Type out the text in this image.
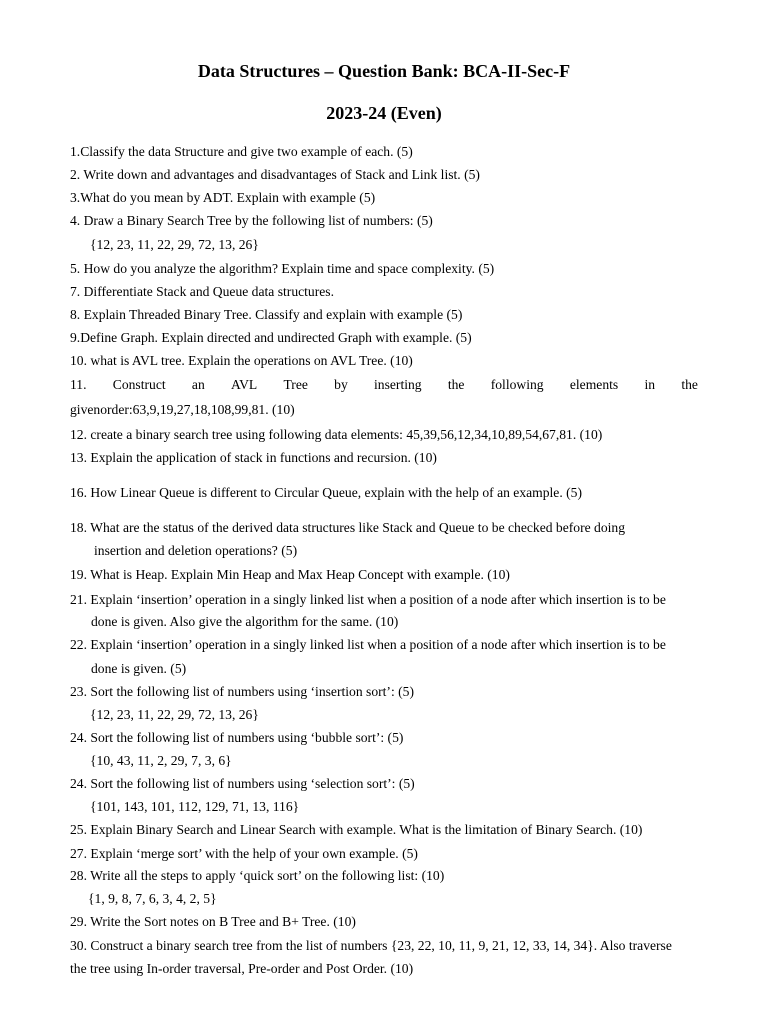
Data Structures – Question Bank: BCA-II-Sec-F
2023-24 (Even)
1.Classify the data Structure and give two example of each. (5)
2. Write down and advantages and disadvantages of Stack and Link list. (5)
3.What do you mean by ADT. Explain with example (5)
4. Draw a Binary Search Tree by the following list of numbers: (5)
{12, 23, 11, 22, 29, 72, 13, 26}
5. How do you analyze the algorithm? Explain time and space complexity. (5)
7. Differentiate Stack and Queue data structures.
8. Explain Threaded Binary Tree. Classify and explain with example (5)
9.Define Graph. Explain directed and undirected Graph with example. (5)
10. what is AVL tree. Explain the operations on AVL Tree. (10)
11. Construct an AVL Tree by inserting the following elements in the
givenorder:63,9,19,27,18,108,99,81. (10)
12. create a binary search tree using following data elements: 45,39,56,12,34,10,89,54,67,81. (10)
13. Explain the application of stack in functions and recursion. (10)
16. How Linear Queue is different to Circular Queue, explain with the help of an example. (5)
18. What are the status of the derived data structures like Stack and Queue to be checked before doing
insertion and deletion operations? (5)
19. What is Heap. Explain Min Heap and Max Heap Concept with example. (10)
21. Explain ‘insertion’ operation in a singly linked list when a position of a node after which insertion is to be
done is given. Also give the algorithm for the same. (10)
22. Explain ‘insertion’ operation in a singly linked list when a position of a node after which insertion is to be
done is given. (5)
23. Sort the following list of numbers using ‘insertion sort’: (5)
{12, 23, 11, 22, 29, 72, 13, 26}
24. Sort the following list of numbers using ‘bubble sort’: (5)
{10, 43, 11, 2, 29, 7, 3, 6}
24. Sort the following list of numbers using ‘selection sort’: (5)
{101, 143, 101, 112, 129, 71, 13, 116}
25. Explain Binary Search and Linear Search with example. What is the limitation of Binary Search. (10)
27. Explain ‘merge sort’ with the help of your own example. (5)
28. Write all the steps to apply ‘quick sort’ on the following list: (10)
{1, 9, 8, 7, 6, 3, 4, 2, 5}
29. Write the Sort notes on B Tree and B+ Tree. (10)
30. Construct a binary search tree from the list of numbers {23, 22, 10, 11, 9, 21, 12, 33, 14, 34}. Also traverse
the tree using In-order traversal, Pre-order and Post Order. (10)
